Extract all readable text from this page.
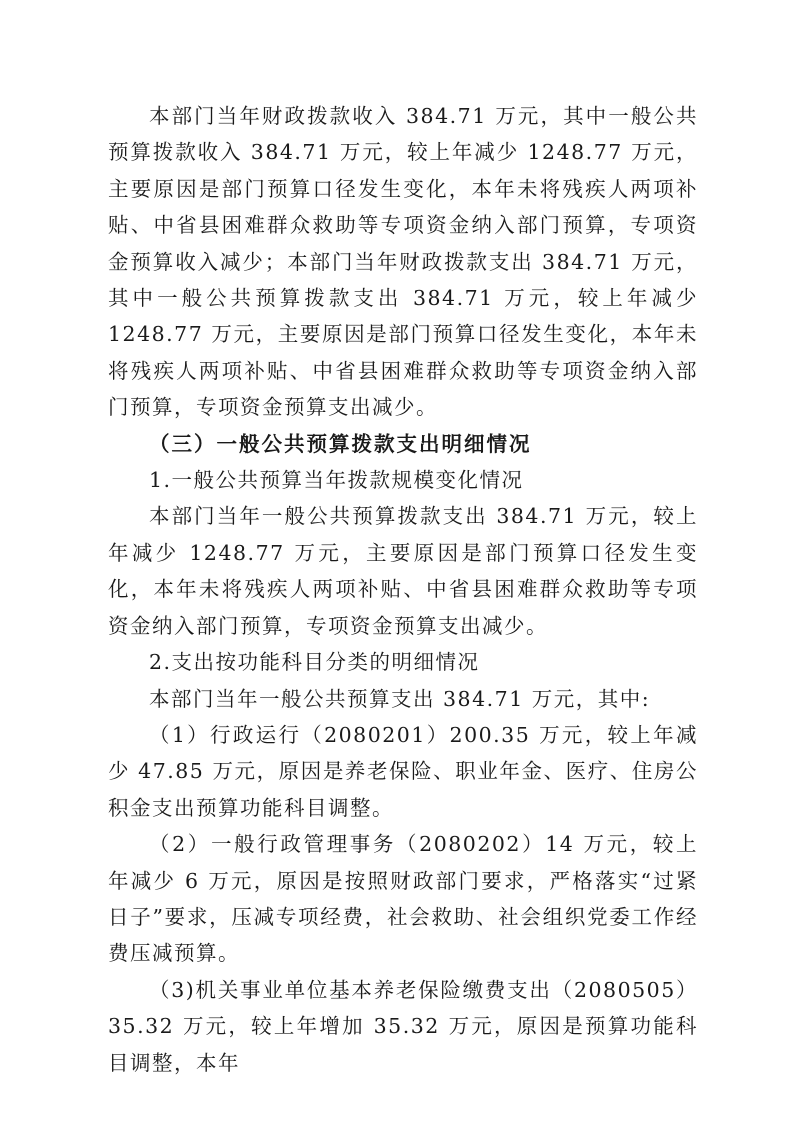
本部门当年财政拨款收入 384.71 万元，其中一般公共预算拨款收入 384.71 万元，较上年减少 1248.77 万元，主要原因是部门预算口径发生变化，本年未将残疾人两项补贴、中省县困难群众救助等专项资金纳入部门预算，专项资金预算收入减少；本部门当年财政拨款支出 384.71 万元，其中一般公共预算拨款支出 384.71 万元，较上年减少 1248.77 万元，主要原因是部门预算口径发生变化，本年未将残疾人两项补贴、中省县困难群众救助等专项资金纳入部门预算，专项资金预算支出减少。

（三）一般公共预算拨款支出明细情况

1.一般公共预算当年拨款规模变化情况

本部门当年一般公共预算拨款支出 384.71 万元，较上年减少 1248.77 万元，主要原因是部门预算口径发生变化，本年未将残疾人两项补贴、中省县困难群众救助等专项资金纳入部门预算，专项资金预算支出减少。

2.支出按功能科目分类的明细情况

本部门当年一般公共预算支出 384.71 万元，其中:

（1）行政运行（2080201）200.35 万元，较上年减少 47.85 万元，原因是养老保险、职业年金、医疗、住房公积金支出预算功能科目调整。

（2）一般行政管理事务（2080202）14 万元，较上年减少 6 万元，原因是按照财政部门要求，严格落实“过紧日子”要求，压减专项经费，社会救助、社会组织党委工作经费压减预算。

（3)机关事业单位基本养老保险缴费支出（2080505）35.32 万元，较上年增加 35.32 万元，原因是预算功能科目调整，本年
